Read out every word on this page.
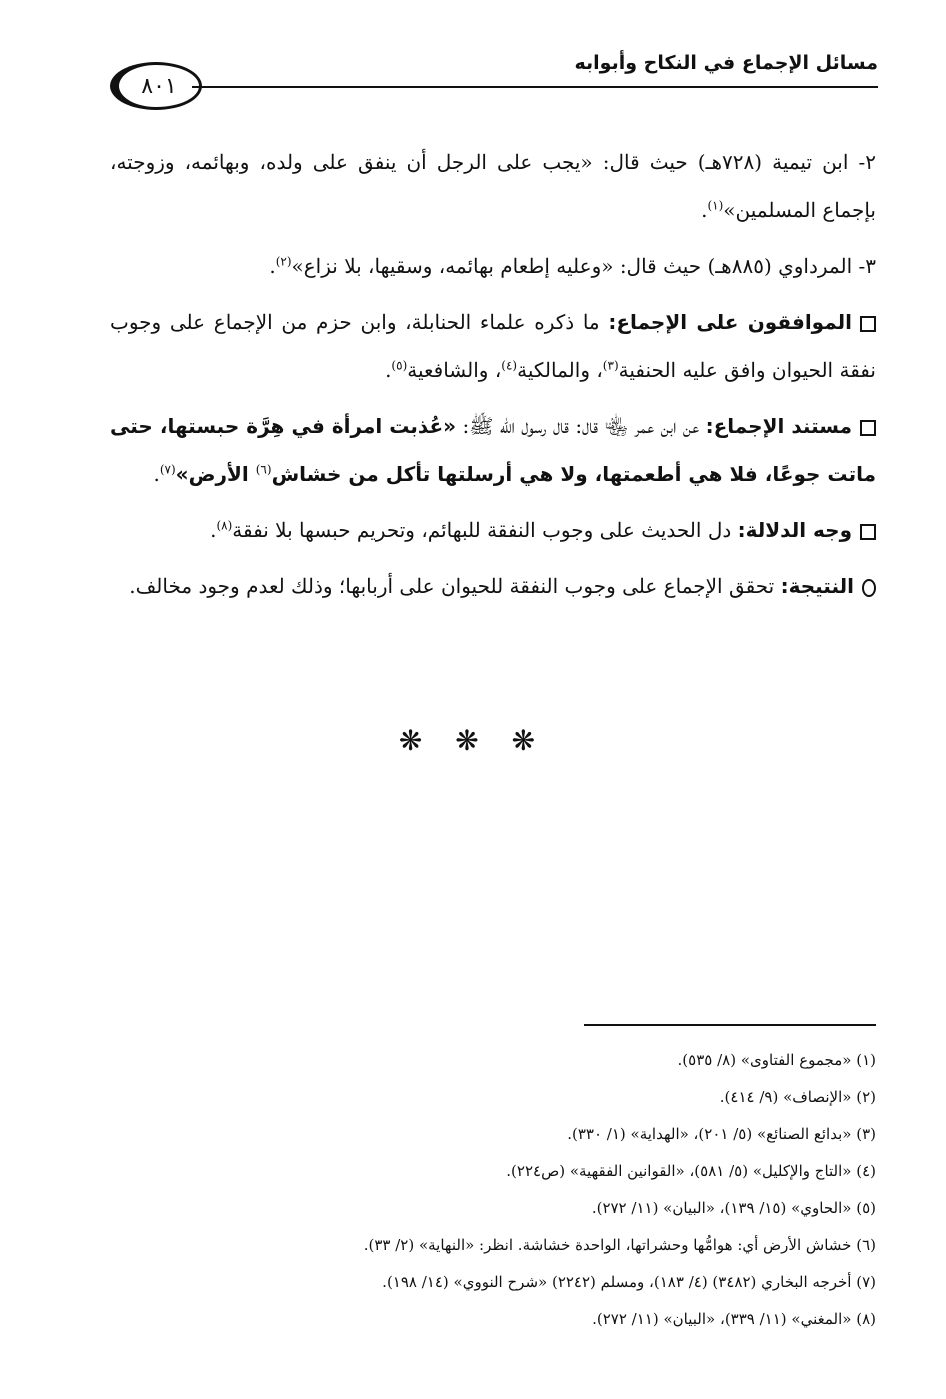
مسائل الإجماع في النكاح وأبوابه
٨٠١

٢- ابن تيمية (٧٢٨هـ) حيث قال: «يجب على الرجل أن ينفق على ولده، وبهائمه، وزوجته، بإجماع المسلمين»$^{(١)}$.

٣- المرداوي (٨٨٥هـ) حيث قال: «وعليه إطعام بهائمه، وسقيها، بلا نزاع»$^{(٢)}$.

الموافقون على الإجماع: ما ذكره علماء الحنابلة، وابن حزم من الإجماع على وجوب نفقة الحيوان وافق عليه الحنفية$^{(٣)}$، والمالكية$^{(٤)}$، والشافعية$^{(٥)}$.

مستند الإجماع: عن ابن عمر ﵄ قال: قال رسول الله ﷺ: «عُذبت امرأة في هِرَّة حبستها، حتى ماتت جوعًا، فلا هي أطعمتها، ولا هي أرسلتها تأكل من خشاش$^{(٦)}$ الأرض»$^{(٧)}$.

وجه الدلالة: دل الحديث على وجوب النفقة للبهائم، وتحريم حبسها بلا نفقة$^{(٨)}$.

النتيجة: تحقق الإجماع على وجوب النفقة للحيوان على أربابها؛ وذلك لعدم وجود مخالف.

❋ ❋ ❋
(١) «مجموع الفتاوى» (٨/ ٥٣٥).
(٢) «الإنصاف» (٩/ ٤١٤).
(٣) «بدائع الصنائع» (٥/ ٢٠١)، «الهداية» (١/ ٣٣٠).
(٤) «التاج والإكليل» (٥/ ٥٨١)، «القوانين الفقهية» (ص٢٢٤).
(٥) «الحاوي» (١٥/ ١٣٩)، «البيان» (١١/ ٢٧٢).
(٦) خشاش الأرض أي: هوامُّها وحشراتها، الواحدة خشاشة. انظر: «النهاية» (٢/ ٣٣).
(٧) أخرجه البخاري (٣٤٨٢) (٤/ ١٨٣)، ومسلم (٢٢٤٢) «شرح النووي» (١٤/ ١٩٨).
(٨) «المغني» (١١/ ٣٣٩)، «البيان» (١١/ ٢٧٢).
